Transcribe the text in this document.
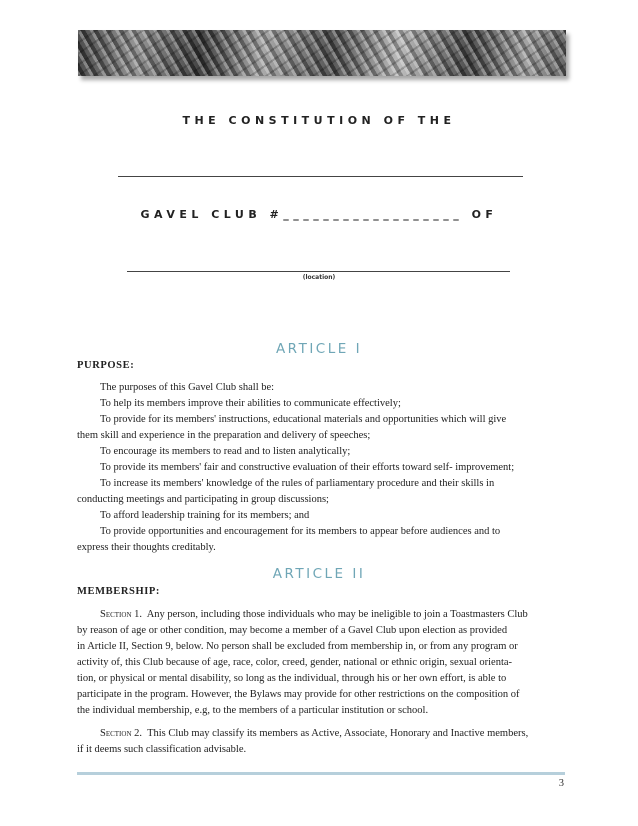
THE CONSTITUTION OF THE
GAVEL CLUB #__________________ OF
(location)
ARTICLE I
PURPOSE:
The purposes of this Gavel Club shall be:
To help its members improve their abilities to communicate effectively;
To provide for its members' instructions, educational materials and opportunities which will give
them skill and experience in the preparation and delivery of speeches;
To encourage its members to read and to listen analytically;
To provide its members' fair and constructive evaluation of their efforts toward self- improvement;
To increase its members' knowledge of the rules of parliamentary procedure and their skills in
conducting meetings and participating in group discussions;
To afford leadership training for its members; and
To provide opportunities and encouragement for its members to appear before audiences and to
express their thoughts creditably.
ARTICLE II
MEMBERSHIP:
Section 1. Any person, including those individuals who may be ineligible to join a Toastmasters Club
by reason of age or other condition, may become a member of a Gavel Club upon election as provided
in Article II, Section 9, below. No person shall be excluded from membership in, or from any program or
activity of, this Club because of age, race, color, creed, gender, national or ethnic origin, sexual orienta-
tion, or physical or mental disability, so long as the individual, through his or her own effort, is able to
participate in the program. However, the Bylaws may provide for other restrictions on the composition of
the individual membership, e.g, to the members of a particular institution or school.
Section 2. This Club may classify its members as Active, Associate, Honorary and Inactive members,
if it deems such classification advisable.
3
